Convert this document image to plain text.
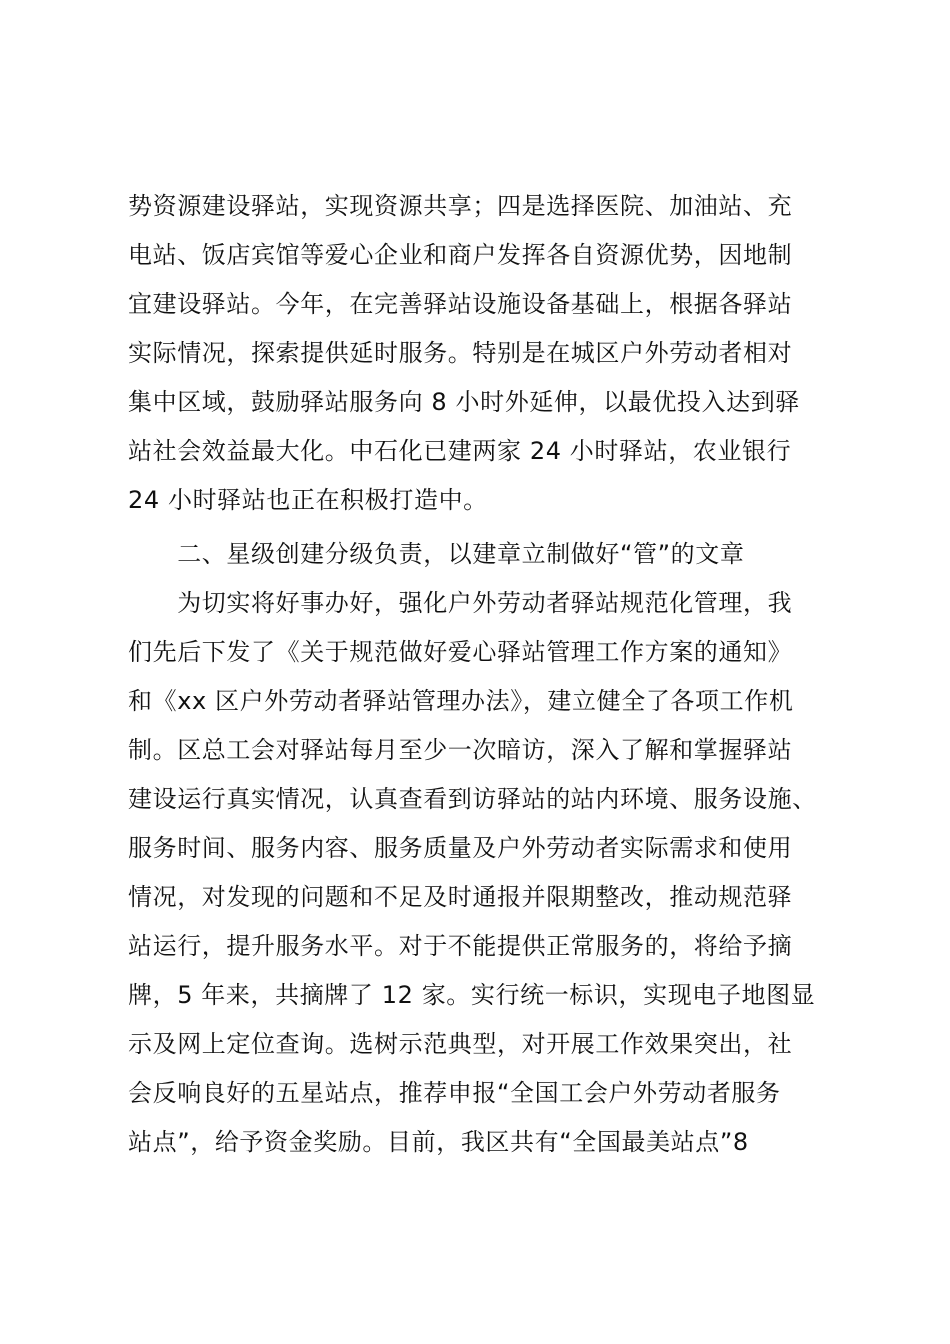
势资源建设驿站，实现资源共享；四是选择医院、加油站、充
电站、饭店宾馆等爱心企业和商户发挥各自资源优势，因地制
宜建设驿站。今年，在完善驿站设施设备基础上，根据各驿站
实际情况，探索提供延时服务。特别是在城区户外劳动者相对
集中区域，鼓励驿站服务向 8 小时外延伸，以最优投入达到驿
站社会效益最大化。中石化已建两家 24 小时驿站，农业银行
24 小时驿站也正在积极打造中。
　　二、星级创建分级负责，以建章立制做好“管”的文章
　　为切实将好事办好，强化户外劳动者驿站规范化管理，我
们先后下发了《关于规范做好爱心驿站管理工作方案的通知》
和《xx 区户外劳动者驿站管理办法》，建立健全了各项工作机
制。区总工会对驿站每月至少一次暗访，深入了解和掌握驿站
建设运行真实情况，认真查看到访驿站的站内环境、服务设施、
服务时间、服务内容、服务质量及户外劳动者实际需求和使用
情况，对发现的问题和不足及时通报并限期整改，推动规范驿
站运行，提升服务水平。对于不能提供正常服务的，将给予摘
牌，5 年来，共摘牌了 12 家。实行统一标识，实现电子地图显
示及网上定位查询。选树示范典型，对开展工作效果突出，社
会反响良好的五星站点，推荐申报“全国工会户外劳动者服务
站点”，给予资金奖励。目前，我区共有“全国最美站点”8
